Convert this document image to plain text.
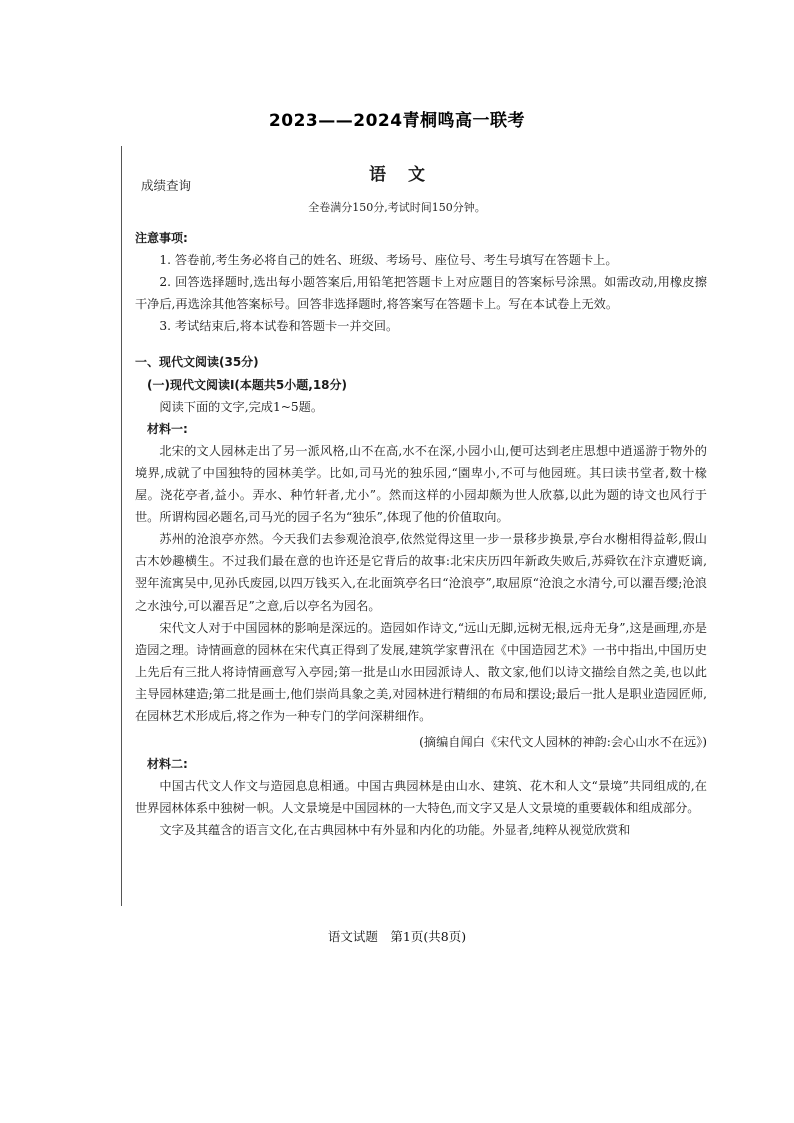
2023——2024青桐鸣高一联考
成绩查询
语文
全卷满分150分,考试时间150分钟。

注意事项:

1. 答卷前,考生务必将自己的姓名、班级、考场号、座位号、考生号填写在答题卡上。

2. 回答选择题时,选出每小题答案后,用铅笔把答题卡上对应题目的答案标号涂黑。如需改动,用橡皮擦干净后,再选涂其他答案标号。回答非选择题时,将答案写在答题卡上。写在本试卷上无效。

3. 考试结束后,将本试卷和答题卡一并交回。

一、现代文阅读(35分)

(一)现代文阅读Ⅰ(本题共5小题,18分)

阅读下面的文字,完成1~5题。

材料一:

北宋的文人园林走出了另一派风格,山不在高,水不在深,小园小山,便可达到老庄思想中逍遥游于物外的境界,成就了中国独特的园林美学。比如,司马光的独乐园,“園卑小,不可与他园班。其曰读书堂者,数十椽屋。浇花亭者,益小。弄水、种竹轩者,尤小”。然而这样的小园却颇为世人欣慕,以此为题的诗文也风行于世。所谓构园必题名,司马光的园子名为“独乐”,体现了他的价值取向。

苏州的沧浪亭亦然。今天我们去参观沧浪亭,依然觉得这里一步一景移步换景,亭台水榭相得益彰,假山古木妙趣横生。不过我们最在意的也许还是它背后的故事:北宋庆历四年新政失败后,苏舜钦在汴京遭贬谪,翌年流寓吴中,见孙氏废园,以四万钱买入,在北面筑亭名曰“沧浪亭”,取屈原“沧浪之水清兮,可以濯吾缨;沧浪之水浊兮,可以濯吾足”之意,后以亭名为园名。

宋代文人对于中国园林的影响是深远的。造园如作诗文,“远山无脚,远树无根,远舟无身”,这是画理,亦是造园之理。诗情画意的园林在宋代真正得到了发展,建筑学家曹汛在《中国造园艺术》一书中指出,中国历史上先后有三批人将诗情画意写入亭园;第一批是山水田园派诗人、散文家,他们以诗文描绘自然之美,也以此主导园林建造;第二批是画士,他们崇尚具象之美,对园林进行精细的布局和摆设;最后一批人是职业造园匠师,在园林艺术形成后,将之作为一种专门的学问深耕细作。

(摘编自闻白《宋代文人园林的神韵:会心山水不在远》)

材料二:

中国古代文人作文与造园息息相通。中国古典园林是由山水、建筑、花木和人文“景境”共同组成的,在世界园林体系中独树一帜。人文景境是中国园林的一大特色,而文字又是人文景境的重要载体和组成部分。

文字及其蕴含的语言文化,在古典园林中有外显和内化的功能。外显者,纯粹从视觉欣赏和

语文试题　第1页(共8页)
